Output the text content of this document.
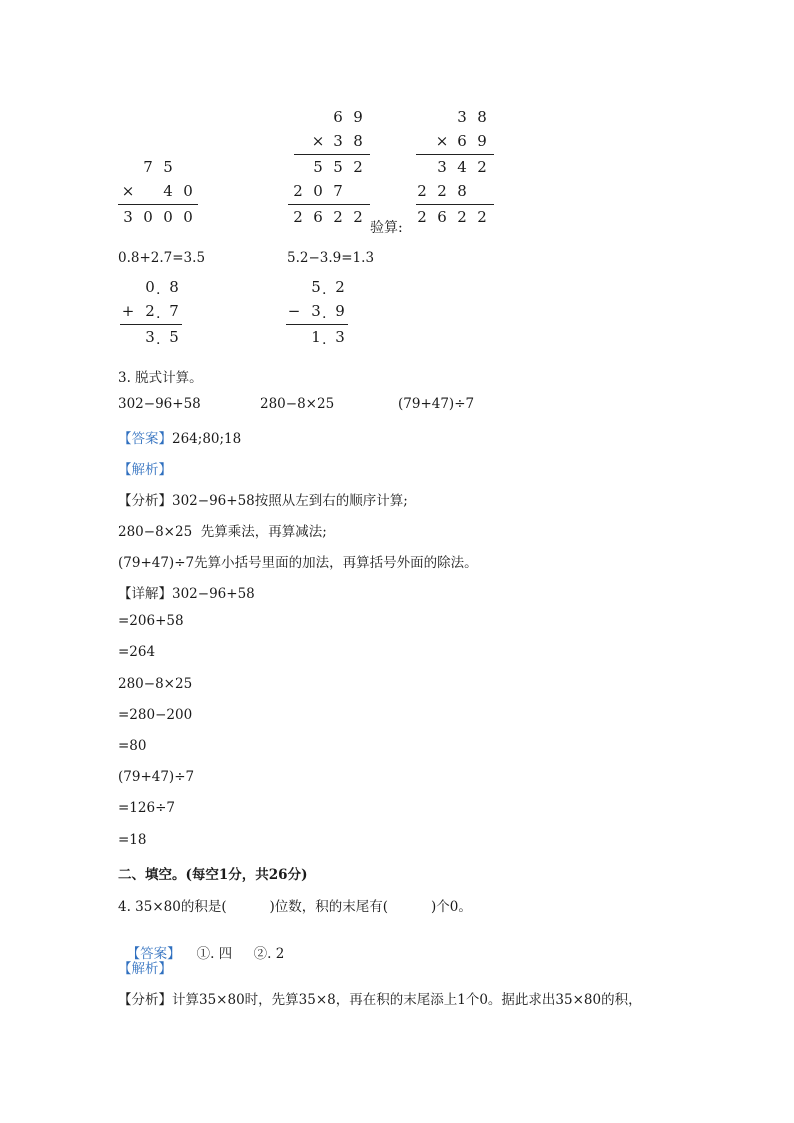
7 5
×	4 0
3 0 0 0
6 9
× 3 8
5 5 2
2 0 7
2 6 2 2
验算:
3 8
× 6 9
3 4 2
2 2 8
2 6 2 2
0.8+2.7=3.5	5.2−3.9=1.3
0 . 8
+ 2 . 7
3 . 5
5 . 2
− 3 . 9
1 . 3
3. 脱式计算。
302−96+58	280−8×25	(79+47)÷7
【答案】264;80;18
【解析】
【分析】302−96+58按照从左到右的顺序计算;
280−8×25  先算乘法，再算减法;
(79+47)÷7先算小括号里面的加法，再算括号外面的除法。
【详解】302−96+58
=206+58
=264
280−8×25
=280−200
=80
(79+47)÷7
=126÷7
=18
二、填空。(每空1分，共26分)
4. 35×80的积是(          )位数，积的末尾有(          )个0。

【答案】 ①. 四     ②. 2

【解析】
【分析】计算35×80时，先算35×8，再在积的末尾添上1个0。据此求出35×80的积，
